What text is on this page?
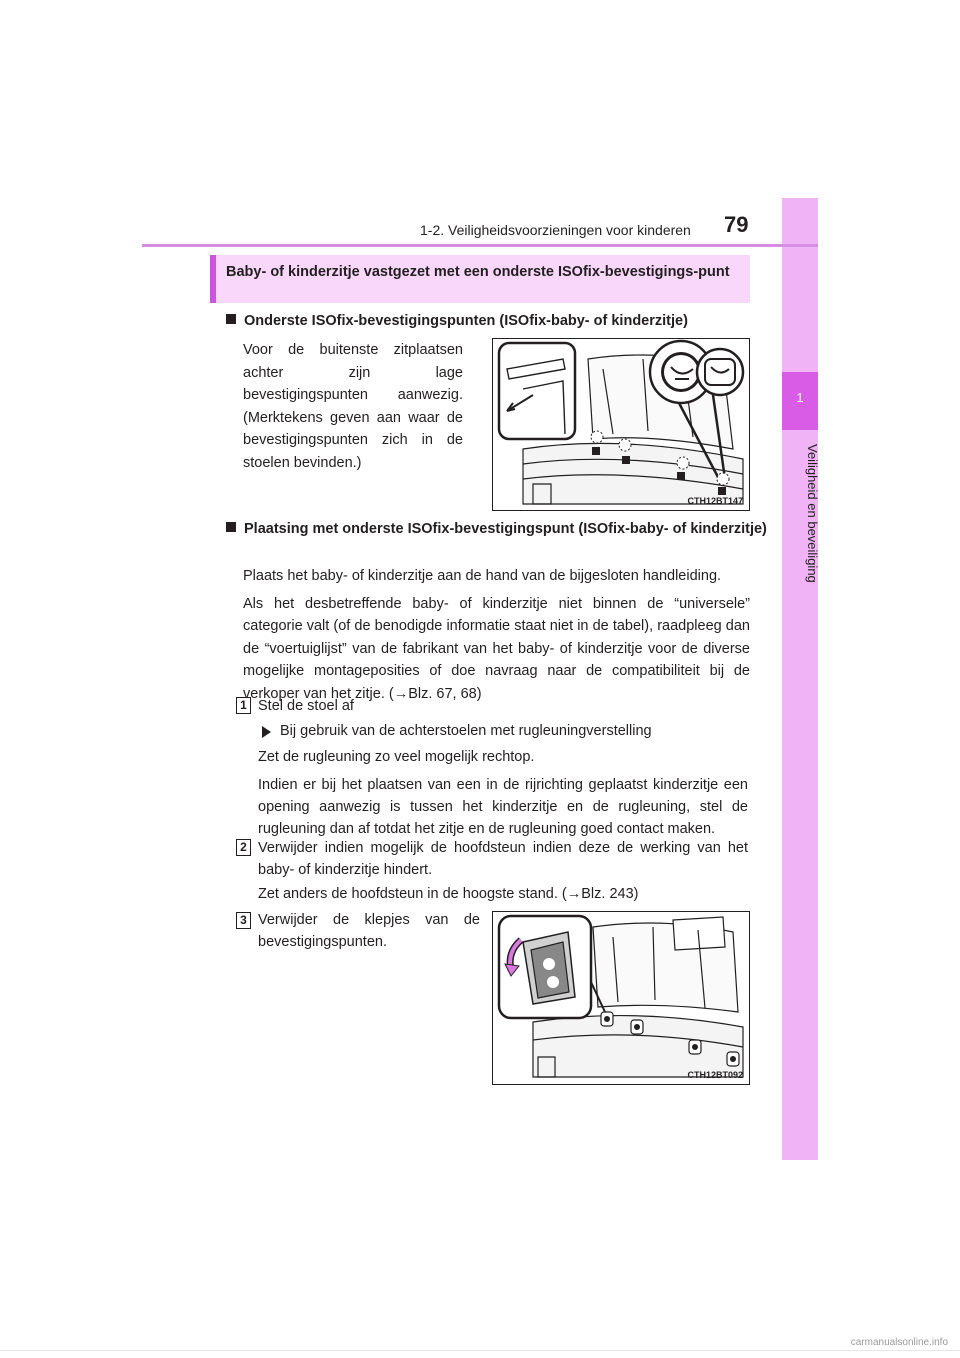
1
Veiligheid en beveiliging
1-2. Veiligheidsvoorzieningen voor kinderen 79
Baby- of kinderzitje vastgezet met een onderste ISOfix-bevestigings-punt
Onderste ISOfix-bevestigingspunten (ISOfix-baby- of kinderzitje)
Voor de buitenste zitplaatsen achter zijn lage bevestigingspunten aanwezig. (Merktekens geven aan waar de bevestigingspunten zich in de stoelen bevinden.)
CTH12BT147
Plaatsing met onderste ISOfix-bevestigingspunt (ISOfix-baby- of kinderzitje)
Plaats het baby- of kinderzitje aan de hand van de bijgesloten handleiding.
Als het desbetreffende baby- of kinderzitje niet binnen de “universele” categorie valt (of de benodigde informatie staat niet in de tabel), raadpleeg dan de “voertuiglijst” van de fabrikant van het baby- of kinderzitje voor de diverse mogelijke montageposities of doe navraag naar de compatibiliteit bij de verkoper van het zitje. (→Blz. 67, 68)
1 Stel de stoel af
Bij gebruik van de achterstoelen met rugleuningverstelling
Zet de rugleuning zo veel mogelijk rechtop.
Indien er bij het plaatsen van een in de rijrichting geplaatst kinderzitje een opening aanwezig is tussen het kinderzitje en de rugleuning, stel de rugleuning dan af totdat het zitje en de rugleuning goed contact maken.
2 Verwijder indien mogelijk de hoofdsteun indien deze de werking van het baby- of kinderzitje hindert.
Zet anders de hoofdsteun in de hoogste stand. (→Blz. 243)
3 Verwijder de klepjes van de bevestigingspunten.
CTH12BT092
carmanualsonline.info
